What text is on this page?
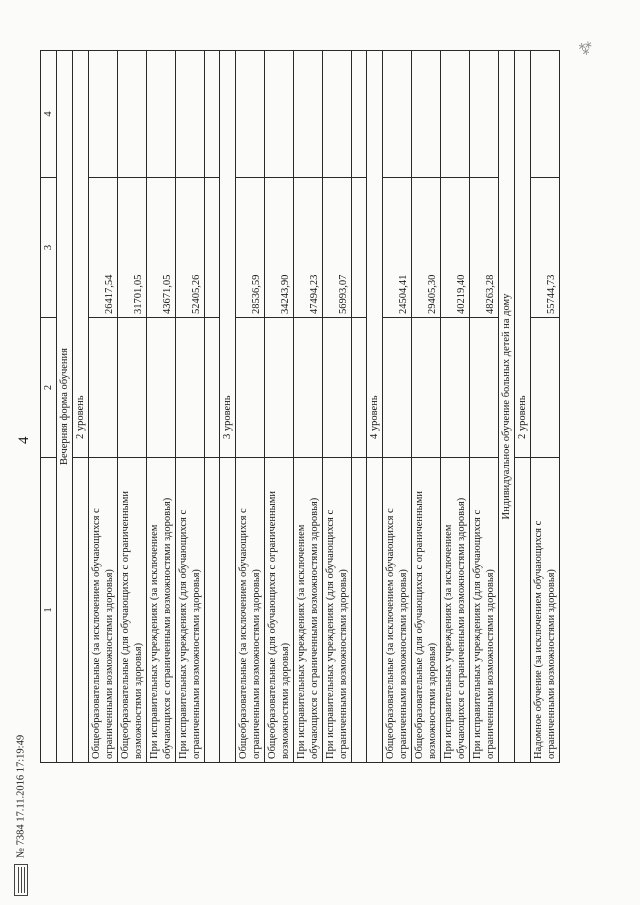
№ 7384 17.11.2016 17:19:49
4
⁂
1	2	3	4
Вечерняя форма обучения			
	2 уровень		
Общеобразовательные (за исключением обучающихся с ограниченными возможностями здоровья)		26417,54	
Общеобразовательные (для обучающихся с ограниченными возможностями здоровья)		31701,05	
При исправительных учреждениях (за исключением обучающихся с ограниченными возможностями здоровья)		43671,05	
При исправительных учреждениях (для обучающихся с ограниченными возможностями здоровья)		52405,26	

	3 уровень		
Общеобразовательные (за исключением обучающихся с ограниченными возможностями здоровья)		28536,59	
Общеобразовательные (для обучающихся с ограниченными возможностями здоровья)		34243,90	
При исправительных учреждениях (за исключением обучающихся с ограниченными возможностями здоровья)		47494,23	
При исправительных учреждениях (для обучающихся с ограниченными возможностями здоровья)		56993,07	

	4 уровень		
Общеобразовательные (за исключением обучающихся с ограниченными возможностями здоровья)		24504,41	
Общеобразовательные (для обучающихся с ограниченными возможностями здоровья)		29405,30	
При исправительных учреждениях (за исключением обучающихся с ограниченными возможностями здоровья)		40219,40	
При исправительных учреждениях (для обучающихся с ограниченными возможностями здоровья)		48263,28	
Индивидуальное обучение больных детей на дому			
	2 уровень		
Надомное обучение (за исключением обучающихся с ограниченными возможностями здоровья)		55744,73	
